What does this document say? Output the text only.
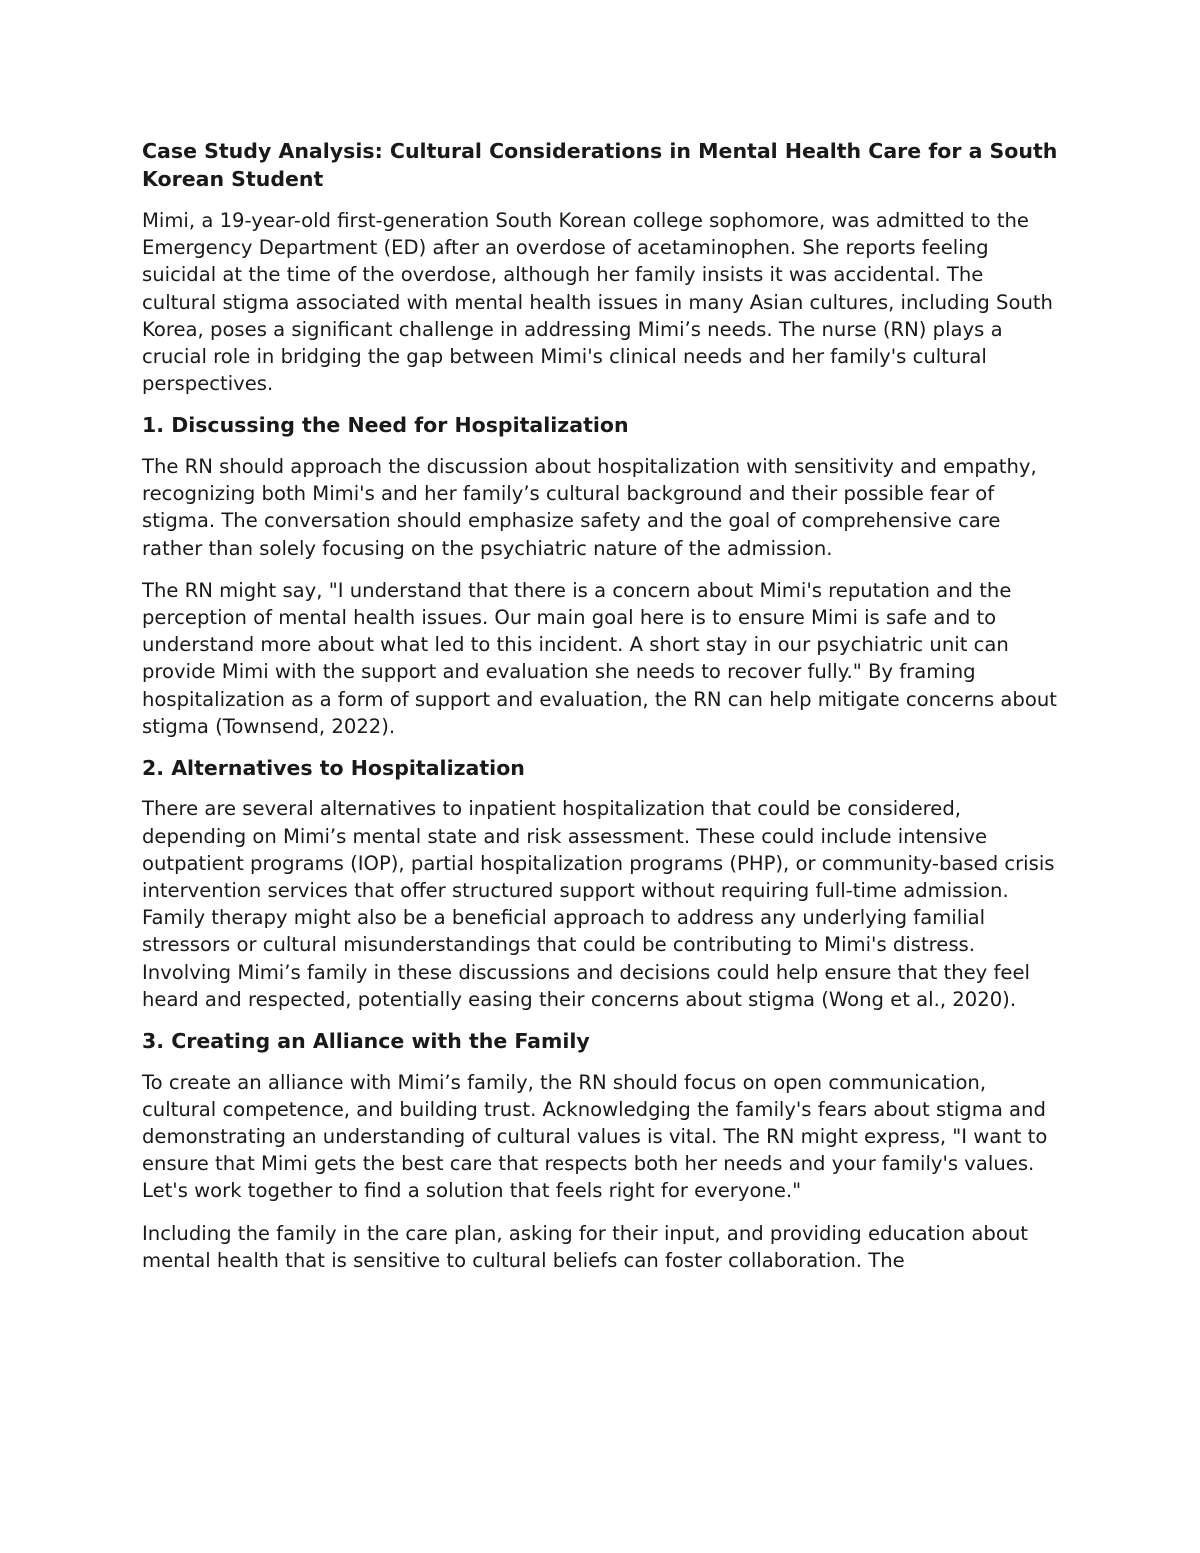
Case Study Analysis: Cultural Considerations in Mental Health Care for a South Korean Student

Mimi, a 19-year-old first-generation South Korean college sophomore, was admitted to the Emergency Department (ED) after an overdose of acetaminophen. She reports feeling suicidal at the time of the overdose, although her family insists it was accidental. The cultural stigma associated with mental health issues in many Asian cultures, including South Korea, poses a significant challenge in addressing Mimi’s needs. The nurse (RN) plays a crucial role in bridging the gap between Mimi's clinical needs and her family's cultural perspectives.

1. Discussing the Need for Hospitalization

The RN should approach the discussion about hospitalization with sensitivity and empathy, recognizing both Mimi's and her family’s cultural background and their possible fear of stigma. The conversation should emphasize safety and the goal of comprehensive care rather than solely focusing on the psychiatric nature of the admission.

The RN might say, "I understand that there is a concern about Mimi's reputation and the perception of mental health issues. Our main goal here is to ensure Mimi is safe and to understand more about what led to this incident. A short stay in our psychiatric unit can provide Mimi with the support and evaluation she needs to recover fully." By framing hospitalization as a form of support and evaluation, the RN can help mitigate concerns about stigma (Townsend, 2022).

2. Alternatives to Hospitalization

There are several alternatives to inpatient hospitalization that could be considered, depending on Mimi’s mental state and risk assessment. These could include intensive outpatient programs (IOP), partial hospitalization programs (PHP), or community-based crisis intervention services that offer structured support without requiring full-time admission. Family therapy might also be a beneficial approach to address any underlying familial stressors or cultural misunderstandings that could be contributing to Mimi's distress. Involving Mimi’s family in these discussions and decisions could help ensure that they feel heard and respected, potentially easing their concerns about stigma (Wong et al., 2020).

3. Creating an Alliance with the Family

To create an alliance with Mimi’s family, the RN should focus on open communication, cultural competence, and building trust. Acknowledging the family's fears about stigma and demonstrating an understanding of cultural values is vital. The RN might express, "I want to ensure that Mimi gets the best care that respects both her needs and your family's values. Let's work together to find a solution that feels right for everyone."

Including the family in the care plan, asking for their input, and providing education about mental health that is sensitive to cultural beliefs can foster collaboration. The
